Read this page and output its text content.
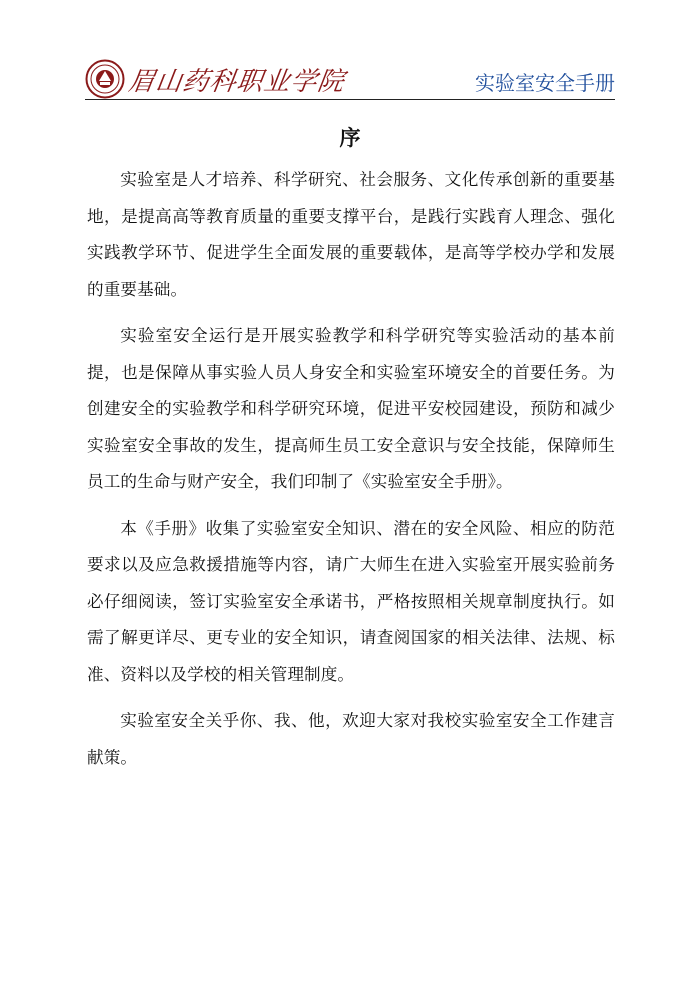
眉山药科职业学院	实验室安全手册
序

实验室是人才培养、科学研究、社会服务、文化传承创新的重要基地，是提高高等教育质量的重要支撑平台，是践行实践育人理念、强化实践教学环节、促进学生全面发展的重要载体，是高等学校办学和发展的重要基础。

实验室安全运行是开展实验教学和科学研究等实验活动的基本前提，也是保障从事实验人员人身安全和实验室环境安全的首要任务。为创建安全的实验教学和科学研究环境，促进平安校园建设，预防和减少实验室安全事故的发生，提高师生员工安全意识与安全技能，保障师生员工的生命与财产安全，我们印制了《实验室安全手册》。

本《手册》收集了实验室安全知识、潜在的安全风险、相应的防范要求以及应急救援措施等内容，请广大师生在进入实验室开展实验前务必仔细阅读，签订实验室安全承诺书，严格按照相关规章制度执行。如需了解更详尽、更专业的安全知识，请查阅国家的相关法律、法规、标准、资料以及学校的相关管理制度。

实验室安全关乎你、我、他，欢迎大家对我校实验室安全工作建言献策。
